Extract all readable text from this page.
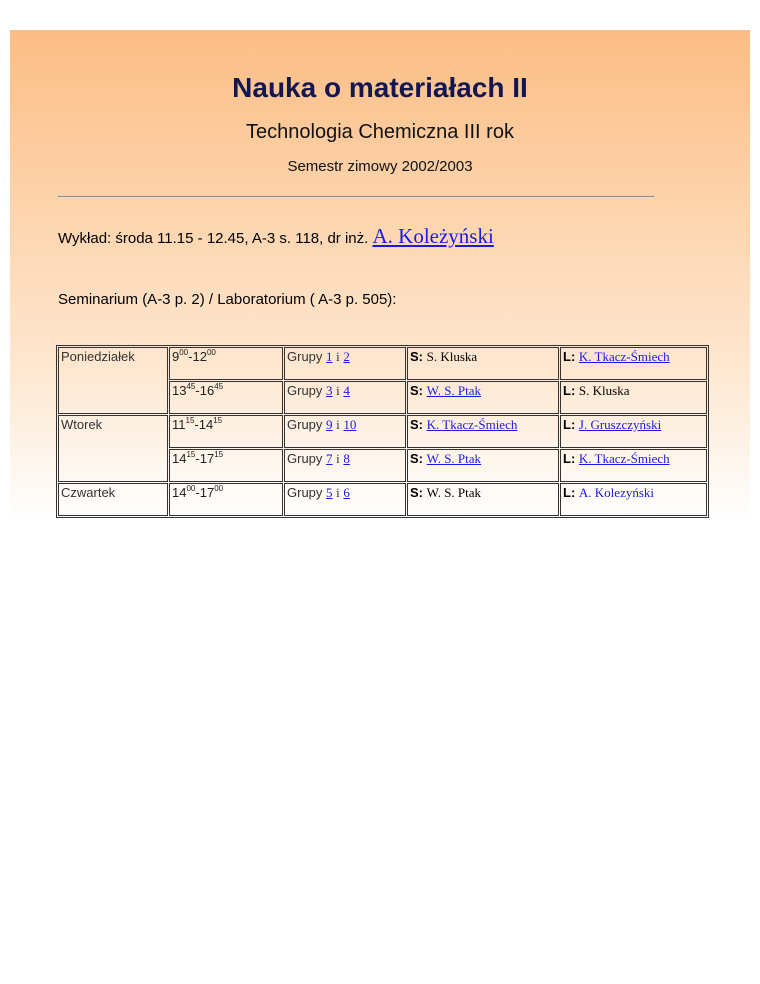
Nauka o materiałach II
Technologia Chemiczna III rok
Semestr zimowy 2002/2003
Wykład: środa 11.15 - 12.45, A-3 s. 118, dr inż. A. Koleżyński
Seminarium (A-3 p. 2) / Laboratorium ( A-3 p. 505):
Poniedziałek	$9^{00}-12^{00}$	Grupy 1 i 2	S: S. Kluska	L: K. Tkacz-Śmiech
	$13^{45}-16^{45}$	Grupy 3 i 4	S: W. S. Ptak	L: S. Kluska
Wtorek	$11^{15}-14^{15}$	Grupy 9 i 10	S: K. Tkacz-Śmiech	L: J. Gruszczyński
	$14^{15}-17^{15}$	Grupy 7 i 8	S: W. S. Ptak	L: K. Tkacz-Śmiech
Czwartek	$14^{00}-17^{00}$	Grupy 5 i 6	S: W. S. Ptak	L: A. Kolezyński
